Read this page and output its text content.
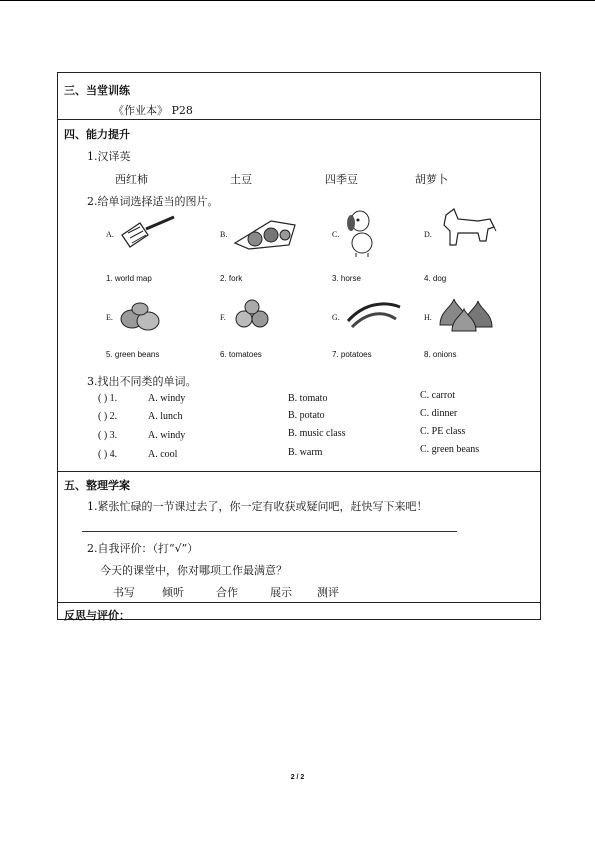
三、当堂训练
《作业本》 P28
四、能力提升
1.汉译英
西红柿	土豆	四季豆	胡萝卜
2.给单词选择适当的图片。
A.	B.	C.	D.
1. world map	2. fork	3. horse	4. dog
E.	F.	G.	H.
5. green beans	6. tomatoes	7. potatoes	8. onions
3.找出不同类的单词。
( ) 1.	A. windy	B. tomato	C. carrot
( ) 2.	A. lunch	B. potato	C. dinner
( ) 3.	A. windy	B. music class	C. PE class
( ) 4.	A. cool	B. warm	C. green beans
五、整理学案
1.紧张忙碌的一节课过去了，你一定有收获或疑问吧，赶快写下来吧！
2.自我评价：（打“√”）
今天的课堂中，你对哪项工作最满意？
书写 倾听	合作	展示 测评
反思与评价：
2 / 2
